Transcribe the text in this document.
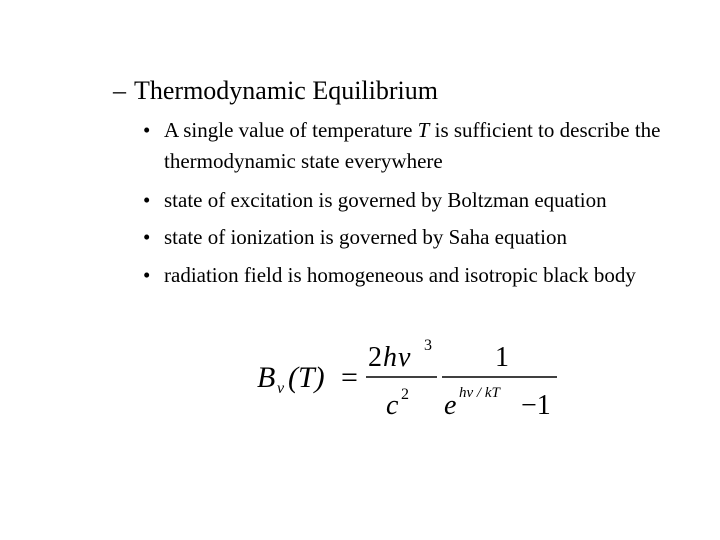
– Thermodynamic Equilibrium
• A single value of temperature T is sufficient to describe the thermodynamic state everywhere
• state of excitation is governed by Boltzman equation
• state of ionization is governed by Saha equation
• radiation field is homogeneous and isotropic black body
B ν (T) =
2 h ν 3
c 2
1
e hν / kT −1
